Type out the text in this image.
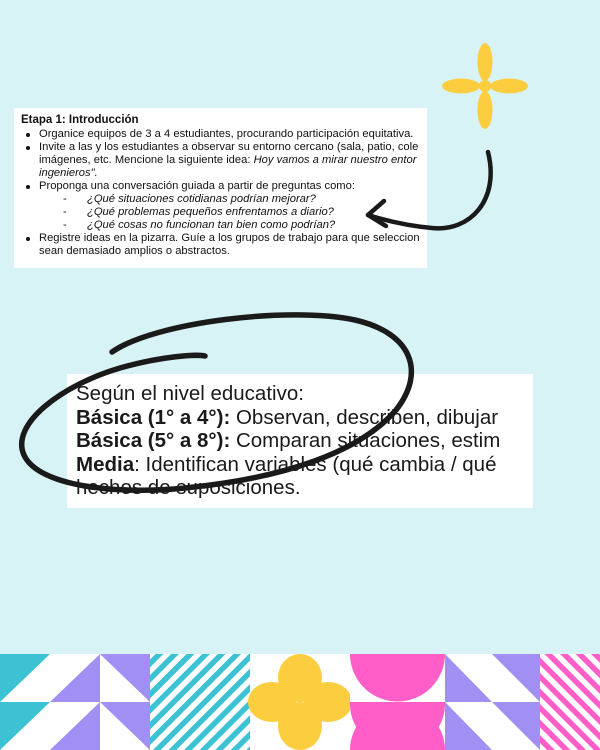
Etapa 1: Introducción
Organice equipos de 3 a 4 estudiantes, procurando participación equitativa.
Invite a las y los estudiantes a observar su entorno cercano (sala, patio, cole
imágenes, etc. Mencione la siguiente idea: Hoy vamos a mirar nuestro entor
ingenieros".
Proponga una conversación guiada a partir de preguntas como:
- ¿Qué situaciones cotidianas podrían mejorar?
- ¿Qué problemas pequeños enfrentamos a diario?
- ¿Qué cosas no funcionan tan bien como podrían?
Registre ideas en la pizarra. Guíe a los grupos de trabajo para que seleccion
sean demasiado amplios o abstractos.
Según el nivel educativo:
Básica (1° a 4°): Observan, describen, dibujar
Básica (5° a 8°): Comparan situaciones, estim
Media: Identifican variables (qué cambia / qué
hechos de suposiciones.
